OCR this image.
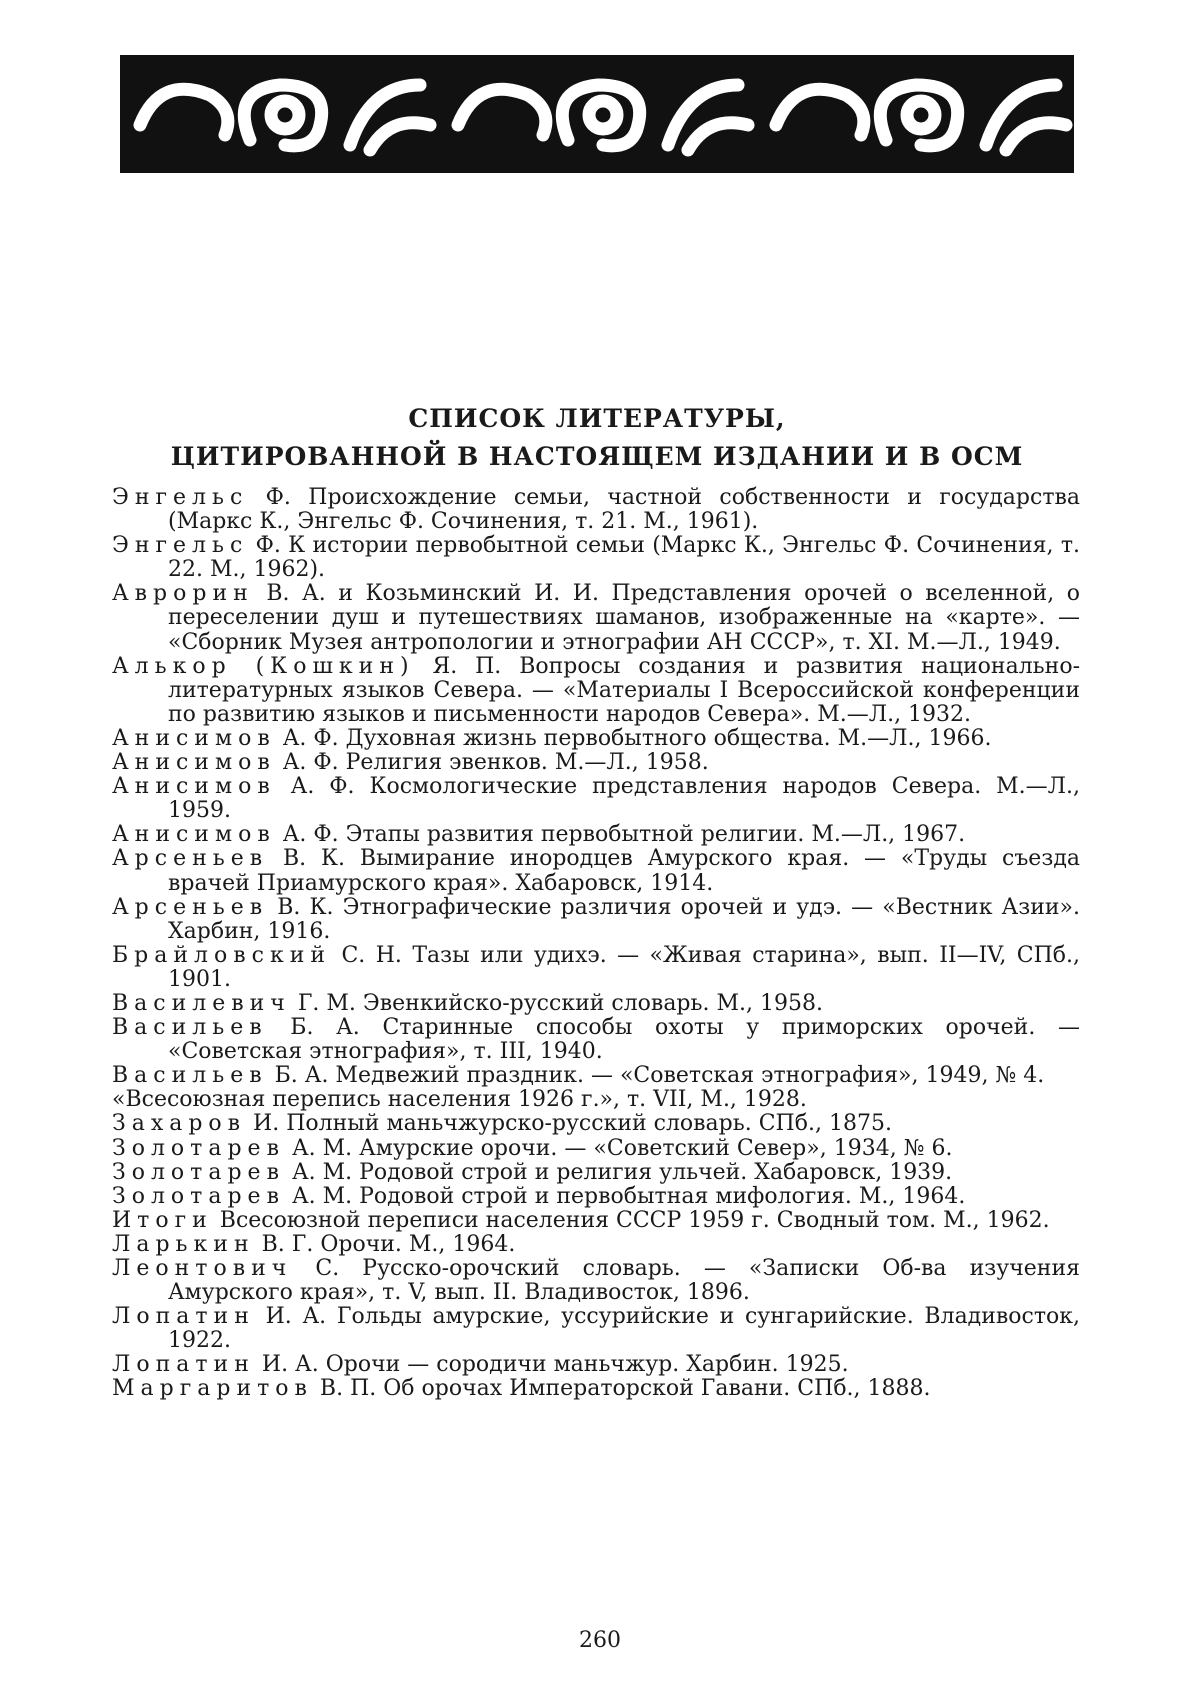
СПИСОК ЛИТЕРАТУРЫ,
ЦИТИРОВАННОЙ В НАСТОЯЩЕМ ИЗДАНИИ И В ОСМ

Энгельс Ф. Происхождение семьи, частной собственности и государства (Маркс К., Энгельс Ф. Сочинения, т. 21. М., 1961).

Энгельс Ф. К истории первобытной семьи (Маркс К., Энгельс Ф. Сочинения, т. 22. М., 1962).

Аврорин В. А. и Козьминский И. И. Представления орочей о вселенной, о переселении душ и путешествиях шаманов, изображенные на «карте». — «Сборник Музея антропологии и этнографии АН СССР», т. XI. М.—Л., 1949.

Алькор (Кошкин) Я. П. Вопросы создания и развития национально-литературных языков Севера. — «Материалы I Всероссийской конференции по развитию языков и письменности народов Севера». М.—Л., 1932.

Анисимов А. Ф. Духовная жизнь первобытного общества. М.—Л., 1966.

Анисимов А. Ф. Религия эвенков. М.—Л., 1958.

Анисимов А. Ф. Космологические представления народов Севера. М.—Л., 1959.

Анисимов А. Ф. Этапы развития первобытной религии. М.—Л., 1967.

Арсеньев В. К. Вымирание инородцев Амурского края. — «Труды съезда врачей Приамурского края». Хабаровск, 1914.

Арсеньев В. К. Этнографические различия орочей и удэ. — «Вестник Азии». Харбин, 1916.

Брайловский С. Н. Тазы или удихэ. — «Живая старина», вып. II—IV, СПб., 1901.

Василевич Г. М. Эвенкийско-русский словарь. М., 1958.

Васильев Б. А. Старинные способы охоты у приморских орочей. — «Советская этнография», т. III, 1940.

Васильев Б. А. Медвежий праздник. — «Советская этнография», 1949, № 4.

«Всесоюзная перепись населения 1926 г.», т. VII, М., 1928.

Захаров И. Полный маньчжурско-русский словарь. СПб., 1875.

Золотарев А. М. Амурские орочи. — «Советский Север», 1934, № 6.

Золотарев А. М. Родовой строй и религия ульчей. Хабаровск, 1939.

Золотарев А. М. Родовой строй и первобытная мифология. М., 1964.

Итоги Всесоюзной переписи населения СССР 1959 г. Сводный том. М., 1962.

Ларькин В. Г. Орочи. М., 1964.

Леонтович С. Русско-орочский словарь. — «Записки Об-ва изучения Амурского края», т. V, вып. II. Владивосток, 1896.

Лопатин И. А. Гольды амурские, уссурийские и сунгарийские. Владивосток, 1922.

Лопатин И. А. Орочи — сородичи маньчжур. Харбин. 1925.

Маргаритов В. П. Об орочах Императорской Гавани. СПб., 1888.

260
